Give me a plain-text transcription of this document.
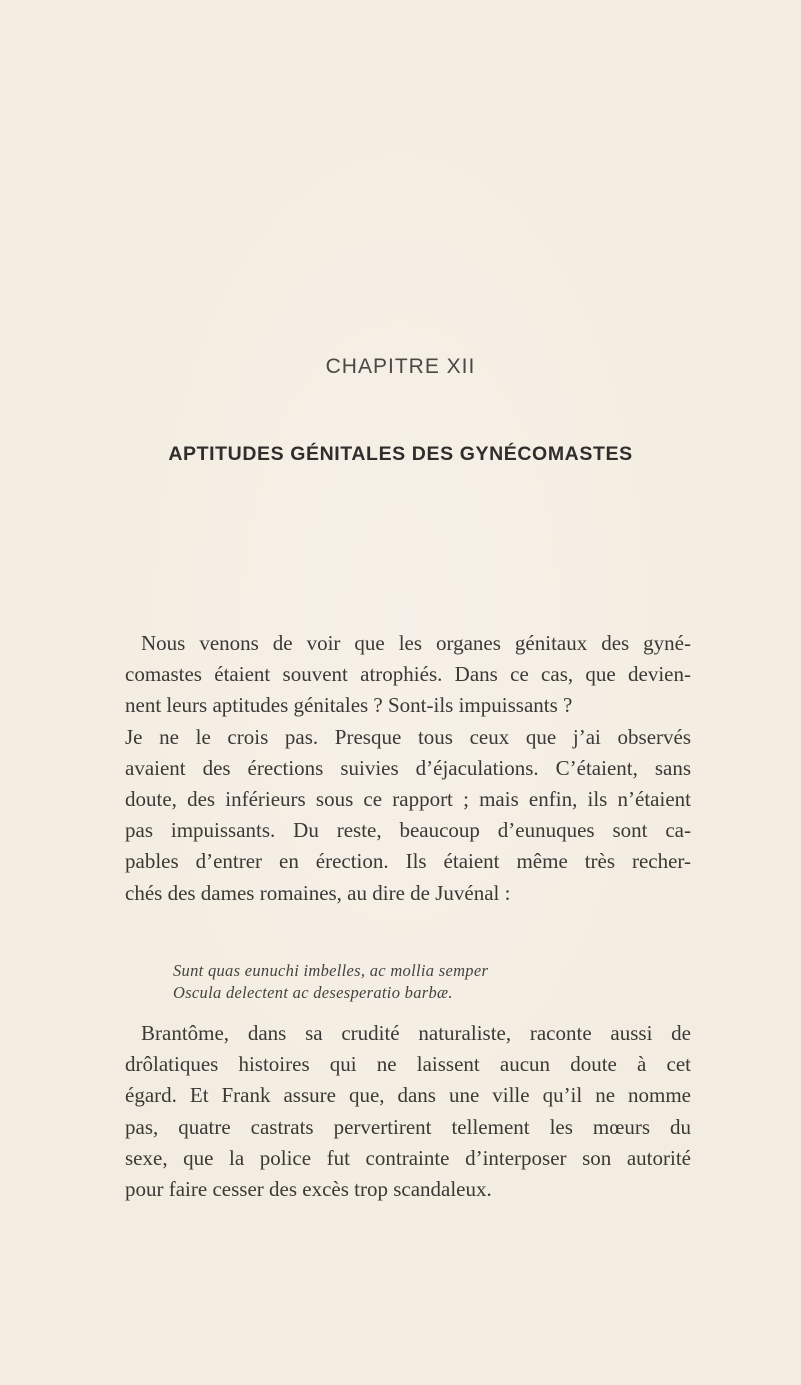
CHAPITRE XII
APTITUDES GÉNITALES DES GYNÉCOMASTES
Nous venons de voir que les organes génitaux des gyné-
comastes étaient souvent atrophiés. Dans ce cas, que devien-
nent leurs aptitudes génitales ? Sont-ils impuissants ?
Je ne le crois pas. Presque tous ceux que j’ai observés
avaient des érections suivies d’éjaculations. C’étaient, sans
doute, des inférieurs sous ce rapport ; mais enfin, ils n’étaient
pas impuissants. Du reste, beaucoup d’eunuques sont ca-
pables d’entrer en érection. Ils étaient même très recher-
chés des dames romaines, au dire de Juvénal :
Sunt quas eunuchi imbelles, ac mollia semper
Oscula delectent ac desesperatio barbæ.
Brantôme, dans sa crudité naturaliste, raconte aussi de
drôlatiques histoires qui ne laissent aucun doute à cet
égard. Et Frank assure que, dans une ville qu’il ne nomme
pas, quatre castrats pervertirent tellement les mœurs du
sexe, que la police fut contrainte d’interposer son autorité
pour faire cesser des excès trop scandaleux.
